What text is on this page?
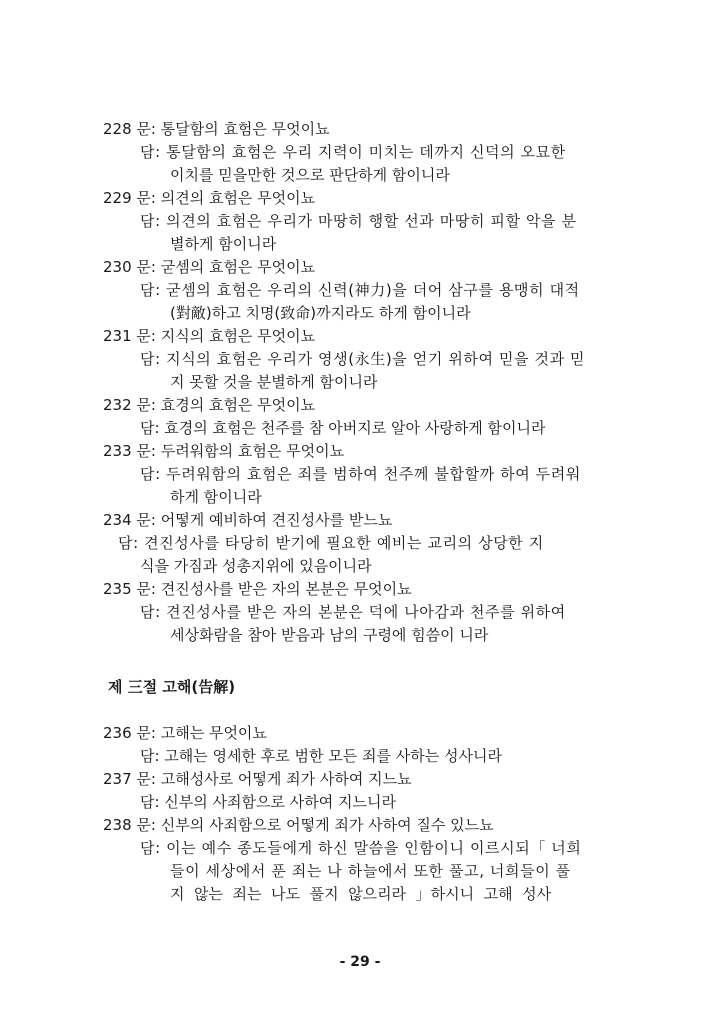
228 문: 통달함의 효험은 무엇이뇨
담: 통달함의 효험은 우리 지력이 미치는 데까지 신덕의 오묘한
이치를 믿을만한 것으로 판단하게 함이니라
229 문: 의견의 효험은 무엇이뇨
담: 의견의 효험은 우리가 마땅히 행할 선과 마땅히 피할 악을 분
별하게 함이니라
230 문: 굳셈의 효험은 무엇이뇨
담: 굳셈의 효험은 우리의 신력(神力)을 더어 삼구를 용맹히 대적
(對敵)하고 치명(致命)까지라도 하게 함이니라
231 문: 지식의 효험은 무엇이뇨
담: 지식의 효험은 우리가 영생(永生)을 얻기 위하여 믿을 것과 믿
지 못할 것을 분별하게 함이니라
232 문: 효경의 효험은 무엇이뇨
담: 효경의 효험은 천주를 참 아버지로 알아 사랑하게 함이니라
233 문: 두려워함의 효험은 무엇이뇨
담: 두려워함의 효험은 죄를 범하여 천주께 불합할까 하여 두려워
하게 함이니라
234 문: 어떻게 예비하여 견진성사를 받느뇨
담: 견진성사를 타당히 받기에 필요한 예비는 교리의 상당한 지
식을 가짐과 성총지위에 있음이니라
235 문: 견진성사를 받은 자의 본분은 무엇이뇨
담: 견진성사를 받은 자의 본분은 덕에 나아감과 천주를 위하여
세상화람을 참아 받음과 남의 구령에 힘씀이 니라
제 三절 고해(告解)
236 문: 고해는 무엇이뇨
담: 고해는 영세한 후로 범한 모든 죄를 사하는 성사니라
237 문: 고해성사로 어떻게 죄가 사하여 지느뇨
담: 신부의 사죄함으로 사하여 지느니라
238 문: 신부의 사죄함으로 어떻게 죄가 사하여 질수 있느뇨
담: 이는 예수 종도들에게 하신 말씀을 인함이니 이르시되「 너희
들이 세상에서 푼 죄는 나 하늘에서 또한 풀고, 너희들이 풀
지  않는  죄는  나도  풀지  않으리라  」하시니  고해  성사
- 29 -
